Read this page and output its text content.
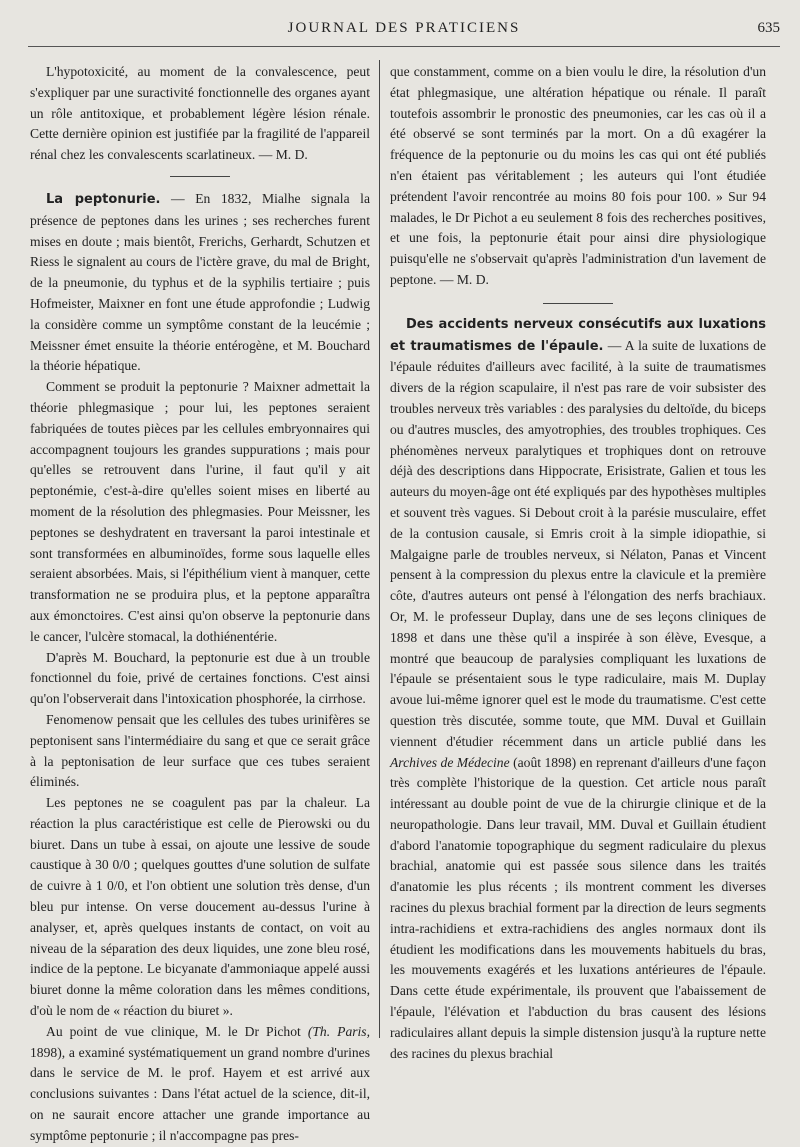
JOURNAL DES PRATICIENS	635

L'hypotoxicité, au moment de la convalescence, peut s'expliquer par une suractivité fonctionnelle des organes ayant un rôle antitoxique, et probablement légère lésion rénale. Cette dernière opinion est justifiée par la fragilité de l'appareil rénal chez les convalescents scarlatineux. — M. D.

La peptonurie. — En 1832, Mialhe signala la présence de peptones dans les urines ; ses recherches furent mises en doute ; mais bientôt, Frerichs, Gerhardt, Schutzen et Riess le signalent au cours de l'ictère grave, du mal de Bright, de la pneumonie, du typhus et de la syphilis tertiaire ; puis Hofmeister, Maixner en font une étude approfondie ; Ludwig la considère comme un symptôme constant de la leucémie ; Meissner émet ensuite la théorie entérogène, et M. Bouchard la théorie hépatique.

Comment se produit la peptonurie ? Maixner admettait la théorie phlegmasique ; pour lui, les peptones seraient fabriquées de toutes pièces par les cellules embryonnaires qui accompagnent toujours les grandes suppurations ; mais pour qu'elles se retrouvent dans l'urine, il faut qu'il y ait peptonémie, c'est-à-dire qu'elles soient mises en liberté au moment de la résolution des phlegmasies. Pour Meissner, les peptones se deshydratent en traversant la paroi intestinale et sont transformées en albuminoïdes, forme sous laquelle elles seraient absorbées. Mais, si l'épithélium vient à manquer, cette transformation ne se produira plus, et la peptone apparaîtra aux émonctoires. C'est ainsi qu'on observe la peptonurie dans le cancer, l'ulcère stomacal, la dothiénentérie.

D'après M. Bouchard, la peptonurie est due à un trouble fonctionnel du foie, privé de certaines fonctions. C'est ainsi qu'on l'observerait dans l'intoxication phosphorée, la cirrhose.

Fenomenow pensait que les cellules des tubes urinifères se peptonisent sans l'intermédiaire du sang et que ce serait grâce à la peptonisation de leur surface que ces tubes seraient éliminés.

Les peptones ne se coagulent pas par la chaleur. La réaction la plus caractéristique est celle de Pierowski ou du biuret. Dans un tube à essai, on ajoute une lessive de soude caustique à 30 0/0 ; quelques gouttes d'une solution de sulfate de cuivre à 1 0/0, et l'on obtient une solution très dense, d'un bleu pur intense. On verse doucement au-dessus l'urine à analyser, et, après quelques instants de contact, on voit au niveau de la séparation des deux liquides, une zone bleu rosé, indice de la peptone. Le bicyanate d'ammoniaque appelé aussi biuret donne la même coloration dans les mêmes conditions, d'où le nom de « réaction du biuret ».

Au point de vue clinique, M. le Dr Pichot (Th. Paris, 1898), a examiné systématiquement un grand nombre d'urines dans le service de M. le prof. Hayem et est arrivé aux conclusions suivantes : Dans l'état actuel de la science, dit-il, on ne saurait encore attacher une grande importance au symptôme peptonurie ; il n'accompagne pas pres-

que constamment, comme on a bien voulu le dire, la résolution d'un état phlegmasique, une altération hépatique ou rénale. Il paraît toutefois assombrir le pronostic des pneumonies, car les cas où il a été observé se sont terminés par la mort. On a dû exagérer la fréquence de la peptonurie ou du moins les cas qui ont été publiés n'en étaient pas véritablement ; les auteurs qui l'ont étudiée prétendent l'avoir rencontrée au moins 80 fois pour 100. » Sur 94 malades, le Dr Pichot a eu seulement 8 fois des recherches positives, et une fois, la peptonurie était pour ainsi dire physiologique puisqu'elle ne s'observait qu'après l'administration d'un lavement de peptone. — M. D.

Des accidents nerveux consécutifs aux luxations et traumatismes de l'épaule. — A la suite de luxations de l'épaule réduites d'ailleurs avec facilité, à la suite de traumatismes divers de la région scapulaire, il n'est pas rare de voir subsister des troubles nerveux très variables : des paralysies du deltoïde, du biceps ou d'autres muscles, des amyotrophies, des troubles trophiques. Ces phénomènes nerveux paralytiques et trophiques dont on retrouve déjà des descriptions dans Hippocrate, Erisistrate, Galien et tous les auteurs du moyen-âge ont été expliqués par des hypothèses multiples et souvent très vagues. Si Debout croit à la parésie musculaire, effet de la contusion causale, si Emris croit à la simple idiopathie, si Malgaigne parle de troubles nerveux, si Nélaton, Panas et Vincent pensent à la compression du plexus entre la clavicule et la première côte, d'autres auteurs ont pensé à l'élongation des nerfs brachiaux. Or, M. le professeur Duplay, dans une de ses leçons cliniques de 1898 et dans une thèse qu'il a inspirée à son élève, Evesque, a montré que beaucoup de paralysies compliquant les luxations de l'épaule se présentaient sous le type radiculaire, mais M. Duplay avoue lui-même ignorer quel est le mode du traumatisme. C'est cette question très discutée, somme toute, que MM. Duval et Guillain viennent d'étudier récemment dans un article publié dans les Archives de Médecine (août 1898) en reprenant d'ailleurs d'une façon très complète l'historique de la question. Cet article nous paraît intéressant au double point de vue de la chirurgie clinique et de la neuropathologie. Dans leur travail, MM. Duval et Guillain étudient d'abord l'anatomie topographique du segment radiculaire du plexus brachial, anatomie qui est passée sous silence dans les traités d'anatomie les plus récents ; ils montrent comment les diverses racines du plexus brachial forment par la direction de leurs segments intra-rachidiens et extra-rachidiens des angles normaux dont ils étudient les modifications dans les mouvements habituels du bras, les mouvements exagérés et les luxations antérieures de l'épaule. Dans cette étude expérimentale, ils prouvent que l'abaissement de l'épaule, l'élévation et l'abduction du bras causent des lésions radiculaires allant depuis la simple distension jusqu'à la rupture nette des racines du plexus brachial
